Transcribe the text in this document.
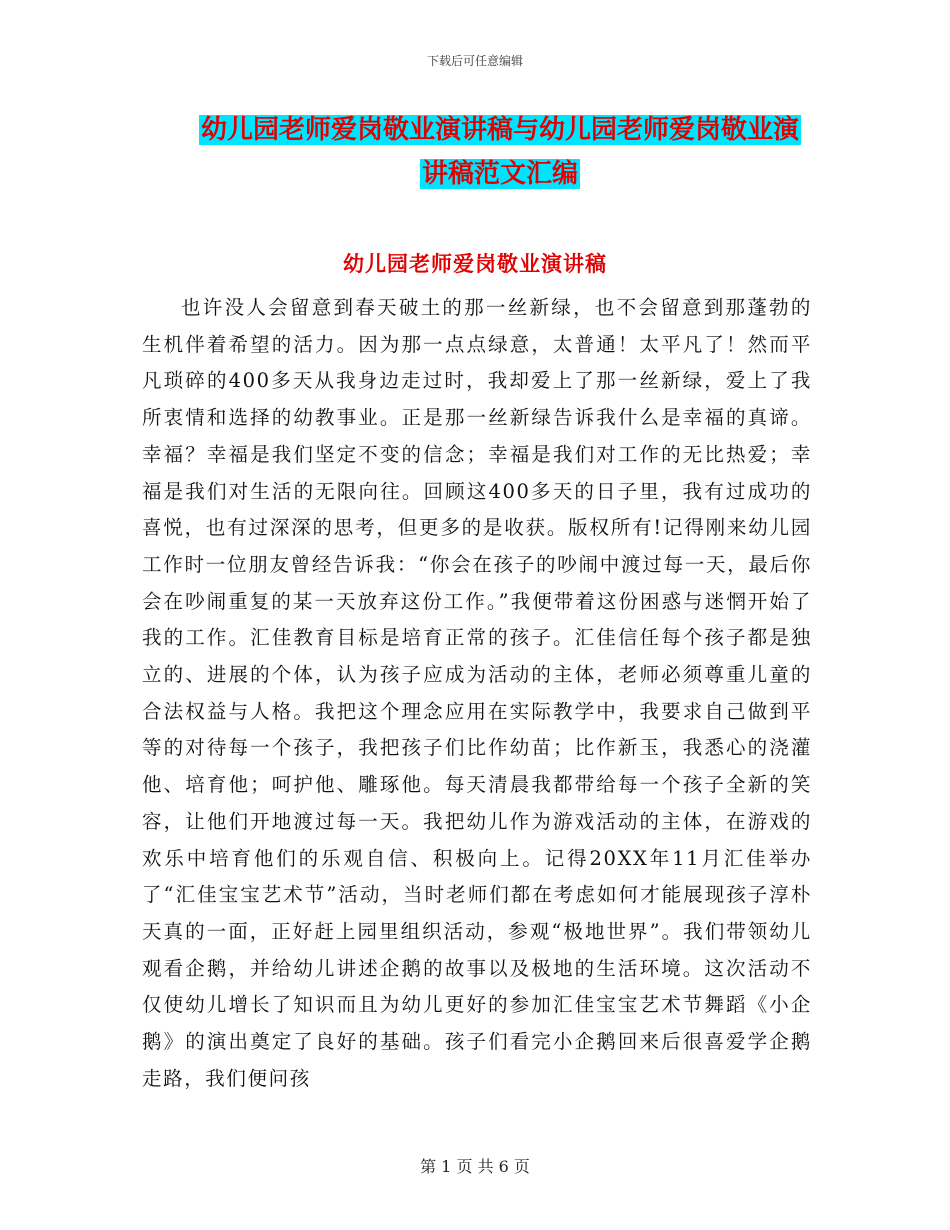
下载后可任意编辑
幼儿园老师爱岗敬业演讲稿与幼儿园老师爱岗敬业演
讲稿范文汇编
幼儿园老师爱岗敬业演讲稿

也许没人会留意到春天破土的那一丝新绿，也不会留意到那蓬勃的生机伴着希望的活力。因为那一点点绿意，太普通！太平凡了！然而平凡琐碎的400多天从我身边走过时，我却爱上了那一丝新绿，爱上了我所衷情和选择的幼教事业。正是那一丝新绿告诉我什么是幸福的真谛。幸福？幸福是我们坚定不变的信念；幸福是我们对工作的无比热爱；幸福是我们对生活的无限向往。回顾这400多天的日子里，我有过成功的喜悦，也有过深深的思考，但更多的是收获。版权所有!记得刚来幼儿园工作时一位朋友曾经告诉我：“你会在孩子的吵闹中渡过每一天，最后你会在吵闹重复的某一天放弃这份工作。”我便带着这份困惑与迷惘开始了我的工作。汇佳教育目标是培育正常的孩子。汇佳信任每个孩子都是独立的、进展的个体，认为孩子应成为活动的主体，老师必须尊重儿童的合法权益与人格。我把这个理念应用在实际教学中，我要求自己做到平等的对待每一个孩子，我把孩子们比作幼苗；比作新玉，我悉心的浇灌他、培育他；呵护他、雕琢他。每天清晨我都带给每一个孩子全新的笑容，让他们开地渡过每一天。我把幼儿作为游戏活动的主体，在游戏的欢乐中培育他们的乐观自信、积极向上。记得20XX年11月汇佳举办了“汇佳宝宝艺术节”活动，当时老师们都在考虑如何才能展现孩子淳朴天真的一面，正好赶上园里组织活动，参观“极地世界”。我们带领幼儿观看企鹅，并给幼儿讲述企鹅的故事以及极地的生活环境。这次活动不仅使幼儿增长了知识而且为幼儿更好的参加汇佳宝宝艺术节舞蹈《小企鹅》的演出奠定了良好的基础。孩子们看完小企鹅回来后很喜爱学企鹅走路，我们便问孩

第 1 页 共 6 页
